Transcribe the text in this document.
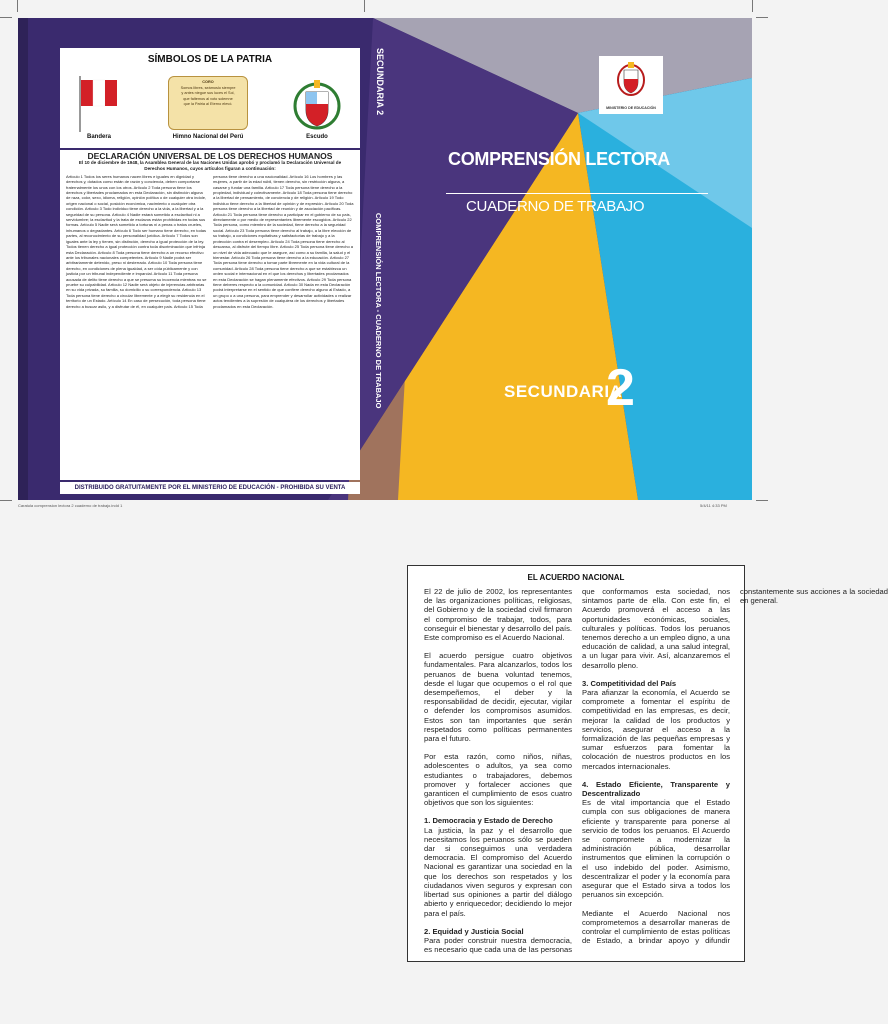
SÍMBOLOS DE LA PATRIA
CORO
Somos libres, seámoslo siempre
y antes niegue sus luces el Sol,
que faltemos al voto solemne
que la Patria al Eterno elevó.
Bandera	Himno Nacional del Perú	Escudo
DECLARACIÓN UNIVERSAL DE LOS DERECHOS HUMANOS
El 10 de diciembre de 1948, la Asamblea General de las Naciones Unidas aprobó y proclamó la Declaración Universal de Derechos Humanos, cuyos artículos figuran a continuación:
Artículo 1 Todos los seres humanos nacen libres e iguales en dignidad y derechos y, dotados como están de razón y conciencia, deben comportarse fraternalmente los unos con los otros. Artículo 2 Toda persona tiene los derechos y libertades proclamados en esta Declaración, sin distinción alguna de raza, color, sexo, idioma, religión, opinión política o de cualquier otra índole, origen nacional o social, posición económica, nacimiento o cualquier otra condición. Artículo 3 Todo individuo tiene derecho a la vida, a la libertad y a la seguridad de su persona. Artículo 4 Nadie estará sometido a esclavitud ni a servidumbre; la esclavitud y la trata de esclavos están prohibidas en todas sus formas. Artículo 5 Nadie será sometido a torturas ni a penas o tratos crueles, inhumanos o degradantes. Artículo 6 Todo ser humano tiene derecho, en todas partes, al reconocimiento de su personalidad jurídica. Artículo 7 Todos son iguales ante la ley y tienen, sin distinción, derecho a igual protección de la ley. Todos tienen derecho a igual protección contra toda discriminación que infrinja esta Declaración. Artículo 8 Toda persona tiene derecho a un recurso efectivo ante los tribunales nacionales competentes. Artículo 9 Nadie podrá ser arbitrariamente detenido, preso ni desterrado. Artículo 10 Toda persona tiene derecho, en condiciones de plena igualdad, a ser oída públicamente y con justicia por un tribunal independiente e imparcial. Artículo 11 Toda persona acusada de delito tiene derecho a que se presuma su inocencia mientras no se pruebe su culpabilidad. Artículo 12 Nadie será objeto de injerencias arbitrarias en su vida privada, su familia, su domicilio o su correspondencia. Artículo 13 Toda persona tiene derecho a circular libremente y a elegir su residencia en el territorio de un Estado. Artículo 14 En caso de persecución, toda persona tiene derecho a buscar asilo, y a disfrutar de él, en cualquier país. Artículo 15 Toda persona tiene derecho a una nacionalidad. Artículo 16 Los hombres y las mujeres, a partir de la edad núbil, tienen derecho, sin restricción alguna, a casarse y fundar una familia. Artículo 17 Toda persona tiene derecho a la propiedad, individual y colectivamente. Artículo 18 Toda persona tiene derecho a la libertad de pensamiento, de conciencia y de religión. Artículo 19 Todo individuo tiene derecho a la libertad de opinión y de expresión. Artículo 20 Toda persona tiene derecho a la libertad de reunión y de asociación pacíficas. Artículo 21 Toda persona tiene derecho a participar en el gobierno de su país, directamente o por medio de representantes libremente escogidos. Artículo 22 Toda persona, como miembro de la sociedad, tiene derecho a la seguridad social. Artículo 23 Toda persona tiene derecho al trabajo, a la libre elección de su trabajo, a condiciones equitativas y satisfactorias de trabajo y a la protección contra el desempleo. Artículo 24 Toda persona tiene derecho al descanso, al disfrute del tiempo libre. Artículo 25 Toda persona tiene derecho a un nivel de vida adecuado que le asegure, así como a su familia, la salud y el bienestar. Artículo 26 Toda persona tiene derecho a la educación. Artículo 27 Toda persona tiene derecho a tomar parte libremente en la vida cultural de la comunidad. Artículo 28 Toda persona tiene derecho a que se establezca un orden social e internacional en el que los derechos y libertades proclamados en esta Declaración se hagan plenamente efectivos. Artículo 29 Toda persona tiene deberes respecto a la comunidad. Artículo 30 Nada en esta Declaración podrá interpretarse en el sentido de que confiere derecho alguno al Estado, a un grupo o a una persona, para emprender y desarrollar actividades o realizar actos tendientes a la supresión de cualquiera de los derechos y libertades proclamados en esta Declaración.
DISTRIBUIDO GRATUITAMENTE POR EL MINISTERIO DE EDUCACIÓN - PROHIBIDA SU VENTA
SECUNDARIA 2
COMPRENSIÓN LECTORA - CUADERNO DE TRABAJO
MINISTERIO DE EDUCACIÓN
COMPRENSIÓN LECTORA
CUADERNO DE TRABAJO
SECUNDARIA
2
Caratula comprension lectora 2 cuaderno de trabajo.indd 1	5/4/11 4:33 PM
EL ACUERDO NACIONAL

El 22 de julio de 2002, los representantes de las organizaciones políticas, religiosas, del Gobierno y de la sociedad civil firmaron el compromiso de trabajar, todos, para conseguir el bienestar y desarrollo del país. Este compromiso es el Acuerdo Nacional.

El acuerdo persigue cuatro objetivos fundamentales. Para alcanzarlos, todos los peruanos de buena voluntad tenemos, desde el lugar que ocupemos o el rol que desempeñemos, el deber y la responsabilidad de decidir, ejecutar, vigilar o defender los compromisos asumidos. Estos son tan importantes que serán respetados como políticas permanentes para el futuro.

Por esta razón, como niños, niñas, adolescentes o adultos, ya sea como estudiantes o trabajadores, debemos promover y fortalecer acciones que garanticen el cumplimiento de esos cuatro objetivos que son los siguientes:

1. Democracia y Estado de Derecho

La justicia, la paz y el desarrollo que necesitamos los peruanos sólo se pueden dar si conseguimos una verdadera democracia. El compromiso del Acuerdo Nacional es garantizar una sociedad en la que los derechos son respetados y los ciudadanos viven seguros y expresan con libertad sus opiniones a partir del diálogo abierto y enriquecedor; decidiendo lo mejor para el país.

2. Equidad y Justicia Social

Para poder construir nuestra democracia, es necesario que cada una de las personas que conformamos esta sociedad, nos sintamos parte de ella. Con este fin, el Acuerdo promoverá el acceso a las oportunidades económicas, sociales, culturales y políticas. Todos los peruanos tenemos derecho a un empleo digno, a una educación de calidad, a una salud integral, a un lugar para vivir. Así, alcanzaremos el desarrollo pleno.

3. Competitividad del País

Para afianzar la economía, el Acuerdo se compromete a fomentar el espíritu de competitividad en las empresas, es decir, mejorar la calidad de los productos y servicios, asegurar el acceso a la formalización de las pequeñas empresas y sumar esfuerzos para fomentar la colocación de nuestros productos en los mercados internacionales.

4. Estado Eficiente, Transparente y Descentralizado

Es de vital importancia que el Estado cumpla con sus obligaciones de manera eficiente y transparente para ponerse al servicio de todos los peruanos. El Acuerdo se compromete a modernizar la administración pública, desarrollar instrumentos que eliminen la corrupción o el uso indebido del poder. Asimismo, descentralizar el poder y la economía para asegurar que el Estado sirva a todos los peruanos sin excepción.

Mediante el Acuerdo Nacional nos comprometemos a desarrollar maneras de controlar el cumplimiento de estas políticas de Estado, a brindar apoyo y difundir constantemente sus acciones a la sociedad en general.
